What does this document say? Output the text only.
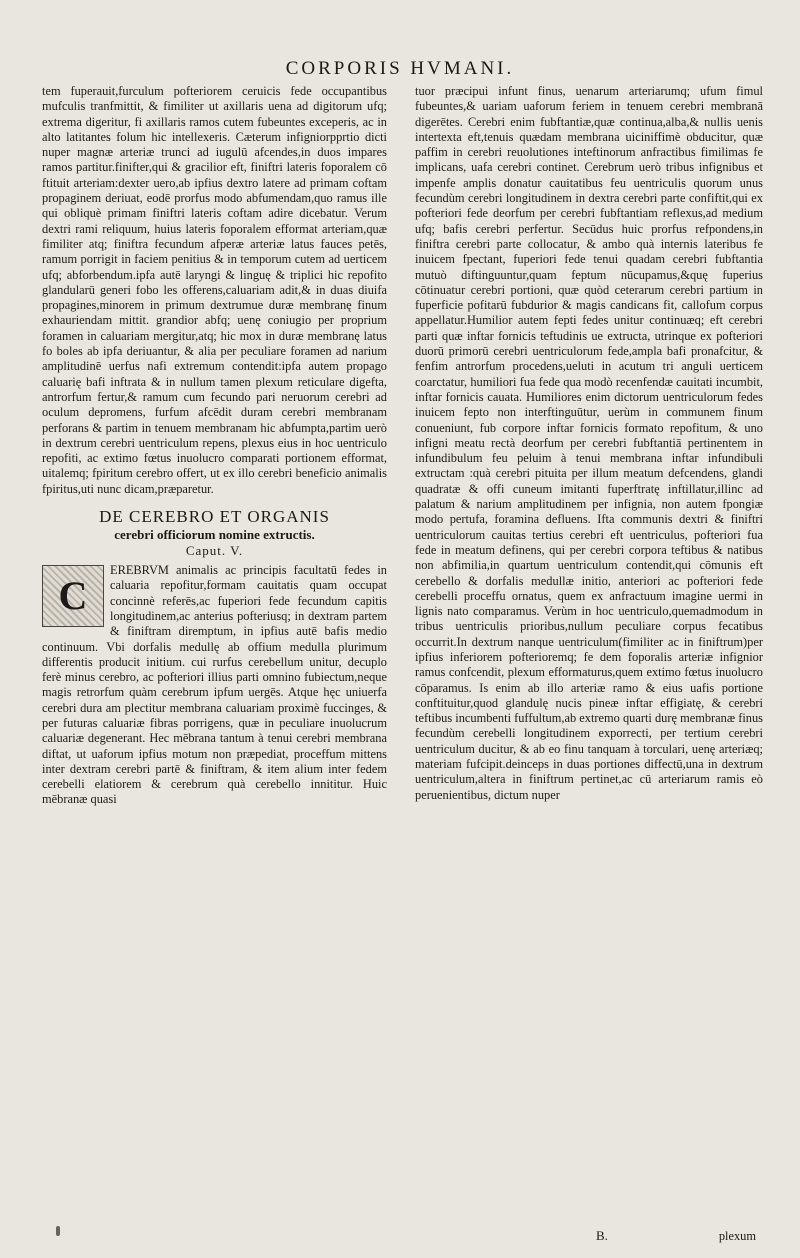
CORPORIS HVMANI.

tem fuperauit,furculum pofteriorem ceruicis fede occupantibus mufculis tranfmittit, & fimiliter ut axillaris uena ad digitorum ufq; extrema digeritur, fi axillaris ramos cutem fubeuntes exceperis, ac in alto latitantes folum hic intellexeris. Cæterum infigniorpprtio dicti nuper magnæ arteriæ trunci ad iugulū afcendes,in duos impares ramos partitur.finifter,qui & gracilior eft, finiftri lateris foporalem cō ftituit arteriam:dexter uero,ab ipfius dextro latere ad primam coftam propaginem deriuat, eodē prorfus modo abfumendam,quo ramus ille qui obliquè primam finiftri lateris coftam adire dicebatur. Verum dextri rami reliquum, huius lateris foporalem efformat arteriam,quæ fimiliter atq; finiftra fecundum afperæ arteriæ latus fauces petēs, ramum porrigit in faciem penitius & in temporum cutem ad uerticem ufq; abforbendum.ipfa autē laryngi & linguę & triplici hic repofito glandularū generi fobo les offerens,caluariam adit,& in duas diuifa propagines,minorem in primum dextrumue duræ membranę finum exhauriendam mittit. grandior abfq; uenę coniugio per proprium foramen in caluariam mergitur,atq; hic mox in duræ membranę latus fo boles ab ipfa deriuantur, & alia per peculiare foramen ad narium amplitudinē uerfus nafi extremum contendit:ipfa autem propago caluarię bafi inftrata & in nullum tamen plexum reticulare digefta, antrorfum fertur,& ramum cum fecundo pari neruorum cerebri ad oculum depromens, furfum afcēdit duram cerebri membranam perforans & partim in tenuem membranam hic abfumpta,partim uerò in dextrum cerebri uentriculum repens, plexus eius in hoc uentriculo repofiti, ac extimo fœtus inuolucro comparati portionem efformat, uitalemq; fpiritum cerebro offert, ut ex illo cerebri beneficio animalis fpiritus,uti nunc dicam,præparetur.

DE CEREBRO ET ORGANIS
cerebri officiorum nomine extructis.
Caput. V.
C

EREBRVM animalis ac principis facultatū fedes in caluaria repofitur,formam cauitatis quam occupat concinnè referēs,ac fuperiori fede fecundum capitis longitudinem,ac anterius pofteriusq; in dextram partem & finiftram diremptum, in ipfius autē bafis medio continuum. Vbi dorfalis medullę ab offium medulla plurimum differentis producit initium. cui rurfus cerebellum unitur, decuplo ferè minus cerebro, ac pofteriori illius parti omnino fubiectum,neque magis retrorfum quàm cerebrum ipfum uergēs. Atque hęc uniuerfa cerebri dura am plectitur membrana caluariam proximè fuccinges, & per futuras caluariæ fibras porrigens, quæ in peculiare inuolucrum caluariæ degenerant. Hec mēbrana tantum à tenui cerebri membrana diftat, ut uaforum ipfius motum non præpediat, proceffum mittens inter dextram cerebri partē & finiftram, & item alium inter fedem cerebelli elatiorem & cerebrum quà cerebello innititur. Huic mēbranæ quasi

tuor præcipui infunt finus, uenarum arteriarumq; ufum fimul fubeuntes,& uariam uaforum feriem in tenuem cerebri membranā digerētes. Cerebri enim fubftantiæ,quæ continua,alba,& nullis uenis intertexta eft,tenuis quædam membrana uiciniffimè obducitur, quæ paffim in cerebri reuolutiones inteftinorum anfractibus fimilimas fe implicans, uafa cerebri continet. Cerebrum uerò tribus infignibus et impenfe amplis donatur cauitatibus feu uentriculis quorum unus fecundùm cerebri longitudinem in dextra cerebri parte confiftit,qui ex pofteriori fede deorfum per cerebri fubftantiam reflexus,ad medium ufq; bafis cerebri perfertur. Secūdus huic prorfus refpondens,in finiftra cerebri parte collocatur, & ambo quà internis lateribus fe inuicem fpectant, fuperiori fede tenui quadam cerebri fubftantia mutuò diftinguuntur,quam feptum nūcupamus,&quę fuperius cōtinuatur cerebri portioni, quæ quòd ceterarum cerebri partium in fuperficie pofitarū fubdurior & magis candicans fit, callofum corpus appellatur.Humilior autem fepti fedes unitur continuæq; eft cerebri parti quæ inftar fornicis teftudinis ue extructa, utrinque ex pofteriori duorū primorū cerebri uentriculorum fede,ampla bafi pronafcitur, & fenfim antrorfum procedens,ueluti in acutum tri anguli uerticem coarctatur, humiliori fua fede qua modò recenfendæ cauitati incumbit, inftar fornicis cauata. Humiliores enim dictorum uentriculorum fedes inuicem fepto non interftinguūtur, uerùm in communem finum conueniunt, fub corpore inftar fornicis formato repofitum, & uno infigni meatu rectà deorfum per cerebri fubftantiā pertinentem in infundibulum feu peluim à tenui membrana inftar infundibuli extructam :quà cerebri pituita per illum meatum defcendens, glandi quadratæ & offi cuneum imitanti fuperftratę inftillatur,illinc ad palatum & narium amplitudinem per infignia, non autem fpongiæ modo pertufa, foramina defluens. Ifta communis dextri & finiftri uentriculorum cauitas tertius cerebri eft uentriculus, pofteriori fua fede in meatum definens, qui per cerebri corpora teftibus & natibus non abfimilia,in quartum uentriculum contendit,qui cōmunis eft cerebello & dorfalis medullæ initio, anteriori ac pofteriori fede cerebelli proceffu ornatus, quem ex anfractuum imagine uermi in lignis nato comparamus. Verùm in hoc uentriculo,quemadmodum in tribus uentriculis prioribus,nullum peculiare corpus fecatibus occurrit.In dextrum nanque uentriculum(fimiliter ac in finiftrum)per ipfius inferiorem pofterioremq; fe dem foporalis arteriæ infignior ramus confcendit, plexum efformaturus,quem extimo fœtus inuolucro cōparamus. Is enim ab illo arteriæ ramo & eius uafis portione conftituitur,quod glandulę nucis pineæ inftar effigiatę, & cerebri teftibus incumbenti fuffultum,ab extremo quarti durę membranæ finus fecundùm cerebelli longitudinem exporrecti, per tertium cerebri uentriculum ducitur, & ab eo finu tanquam à torculari, uenę arteriæq; materiam fufcipit.deinceps in duas portiones diffectū,una in dextrum uentriculum,altera in finiftrum pertinet,ac cū arteriarum ramis eò peruenientibus, dictum nuper

B.	plexum
